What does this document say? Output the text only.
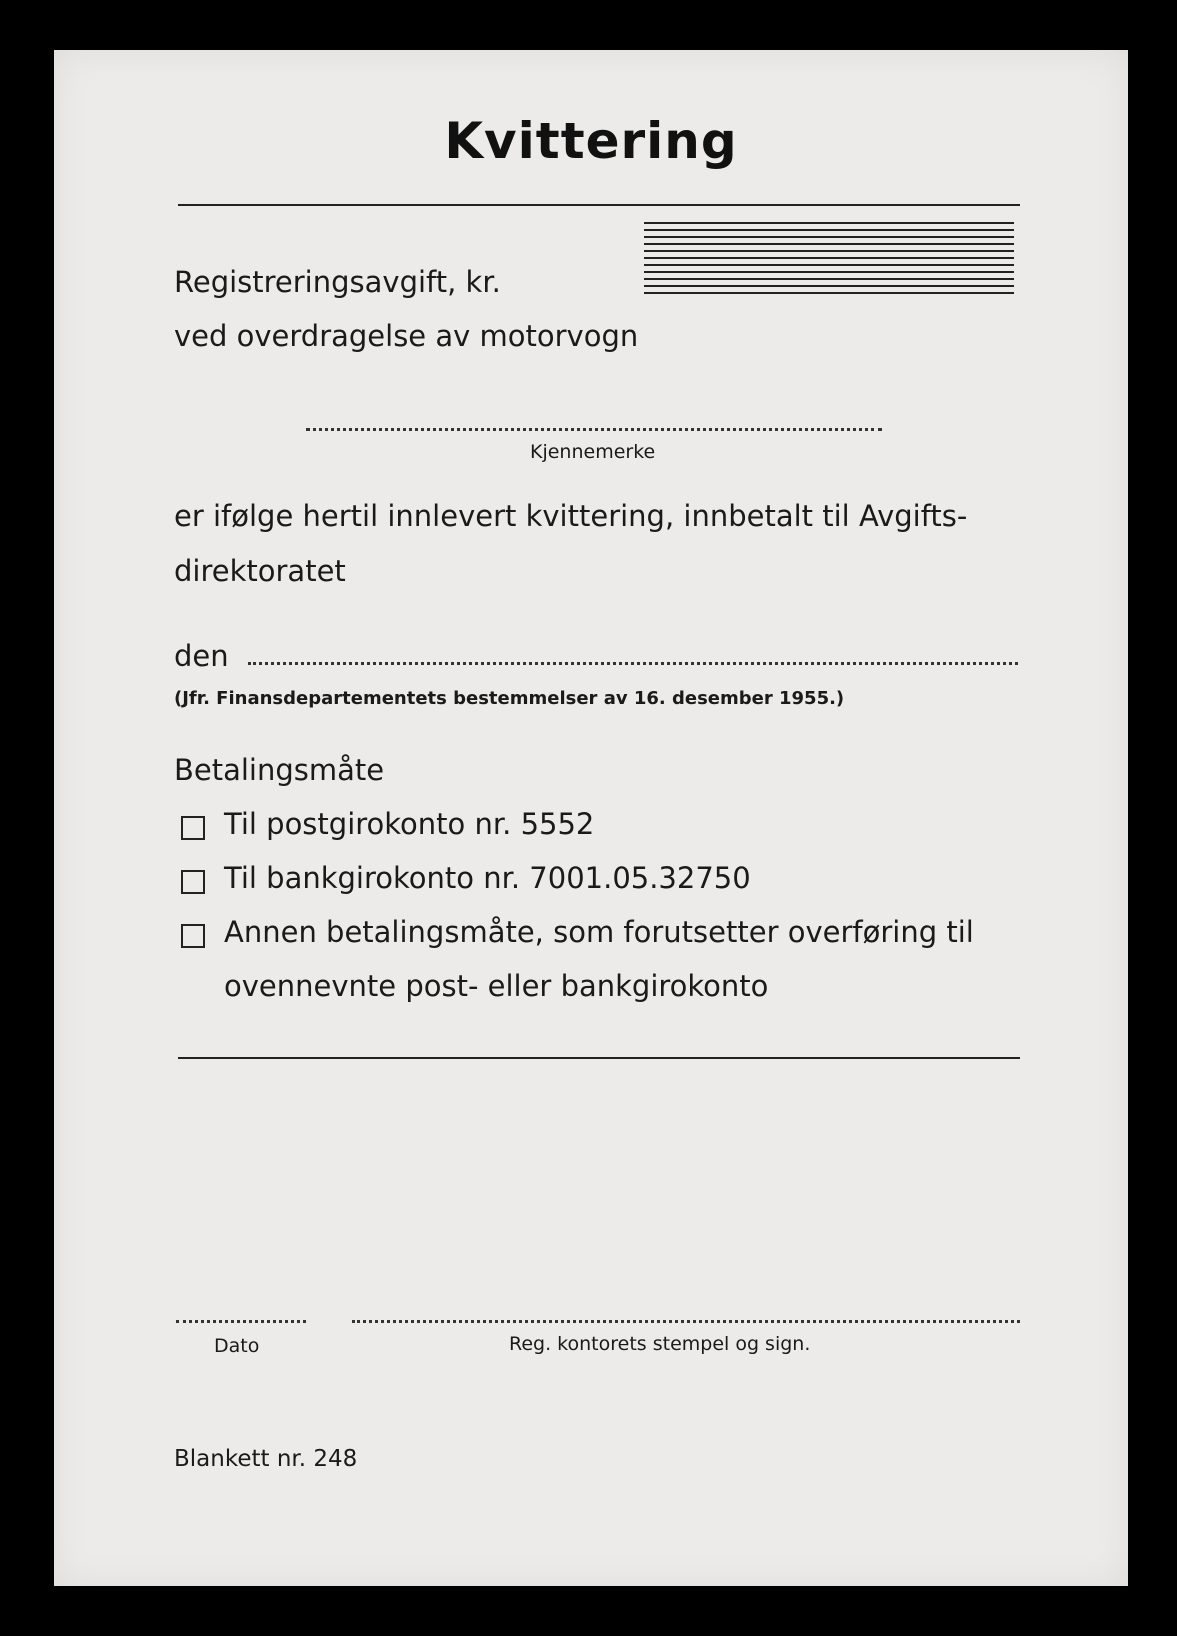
Kvittering
Registreringsavgift, kr.
ved overdragelse av motorvogn
Kjennemerke
er ifølge hertil innlevert kvittering, innbetalt til Avgifts-
direktoratet
den
(Jfr. Finansdepartementets bestemmelser av 16. desember 1955.)
Betalingsmåte
Til postgirokonto nr. 5552
Til bankgirokonto nr. 7001.05.32750
Annen betalingsmåte, som forutsetter overføring til
ovennevnte post- eller bankgirokonto
Dato	Reg. kontorets stempel og sign.
Blankett nr. 248
